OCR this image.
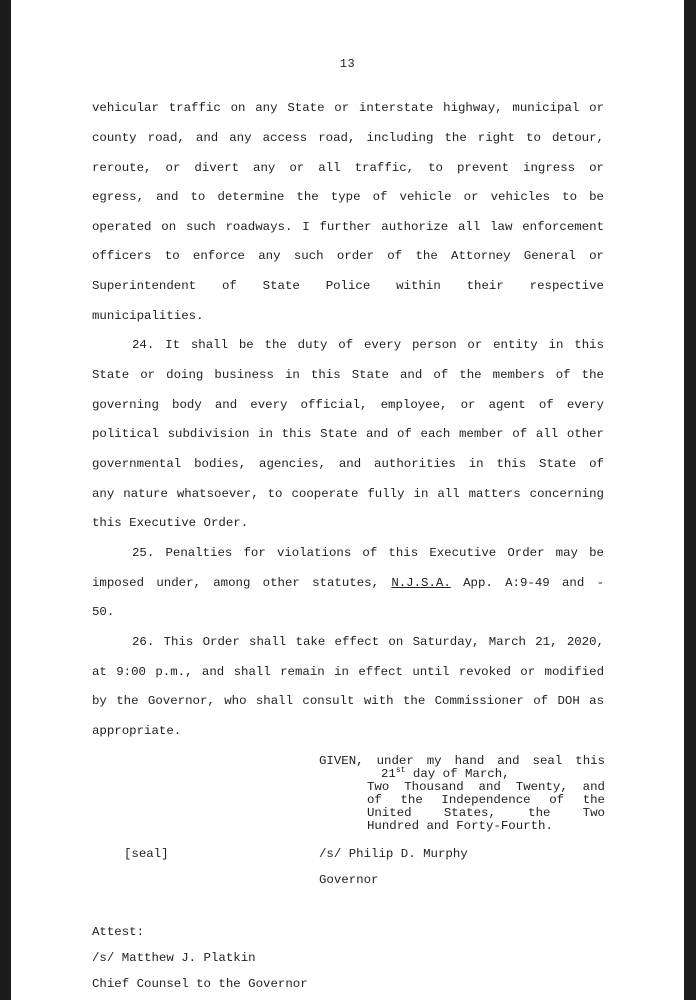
13
vehicular traffic on any State or interstate highway, municipal or
county road, and any access road, including the right to detour,
reroute, or divert any or all traffic, to prevent ingress or
egress, and to determine the type of vehicle or vehicles to be
operated on such roadways. I further authorize all law enforcement
officers to enforce any such order of the Attorney General or
Superintendent of State Police within their respective
municipalities.
24. It shall be the duty of every person or entity in this
State or doing business in this State and of the members of the
governing body and every official, employee, or agent of every
political subdivision in this State and of each member of all other
governmental bodies, agencies, and authorities in this State of
any nature whatsoever, to cooperate fully in all matters concerning
this Executive Order.
25. Penalties for violations of this Executive Order may be
imposed under, among other statutes, N.J.S.A. App. A:9-49 and -
50.
26. This Order shall take effect on Saturday, March 21, 2020,
at 9:00 p.m., and shall remain in effect until revoked or modified
by the Governor, who shall consult with the Commissioner of DOH as
appropriate.
GIVEN, under my hand and seal this
21st day of March,
Two Thousand and Twenty, and
of the Independence of the
United States, the Two
Hundred and Forty-Fourth.
[seal]	/s/ Philip D. Murphy
Governor
Attest:
/s/ Matthew J. Platkin
Chief Counsel to the Governor
